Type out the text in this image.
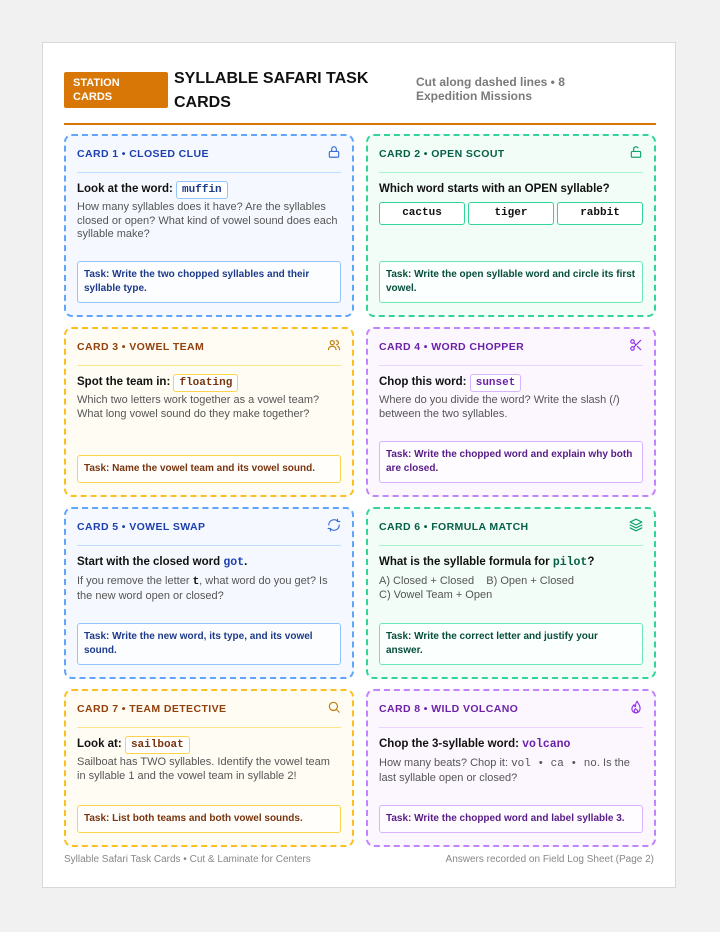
STATION CARDS
SYLLABLE SAFARI TASK CARDS
Cut along dashed lines • 8 Expedition Missions
CARD 1 • CLOSED CLUE
Look at the word: muffin
How many syllables does it have? Are the syllables closed or open? What kind of vowel sound does each syllable make?
Task: Write the two chopped syllables and their syllable type.
CARD 2 • OPEN SCOUT
Which word starts with an OPEN syllable?
cactus	tiger	rabbit
Task: Write the open syllable word and circle its first vowel.
CARD 3 • VOWEL TEAM
Spot the team in: floating
Which two letters work together as a vowel team? What long vowel sound do they make together?
Task: Name the vowel team and its vowel sound.
CARD 4 • WORD CHOPPER
Chop this word: sunset
Where do you divide the word? Write the slash (/) between the two syllables.
Task: Write the chopped word and explain why both are closed.
CARD 5 • VOWEL SWAP
Start with the closed word got.
If you remove the letter t, what word do you get? Is the new word open or closed?
Task: Write the new word, its type, and its vowel sound.
CARD 6 • FORMULA MATCH
What is the syllable formula for pilot?
A) Closed + Closed    B) Open + Closed
C) Vowel Team + Open
Task: Write the correct letter and justify your answer.
CARD 7 • TEAM DETECTIVE
Look at: sailboat
Sailboat has TWO syllables. Identify the vowel team in syllable 1 and the vowel team in syllable 2!
Task: List both teams and both vowel sounds.
CARD 8 • WILD VOLCANO
Chop the 3-syllable word: volcano
How many beats? Chop it: vol • ca • no. Is the last syllable open or closed?
Task: Write the chopped word and label syllable 3.
Syllable Safari Task Cards • Cut & Laminate for Centers	Answers recorded on Field Log Sheet (Page 2)
